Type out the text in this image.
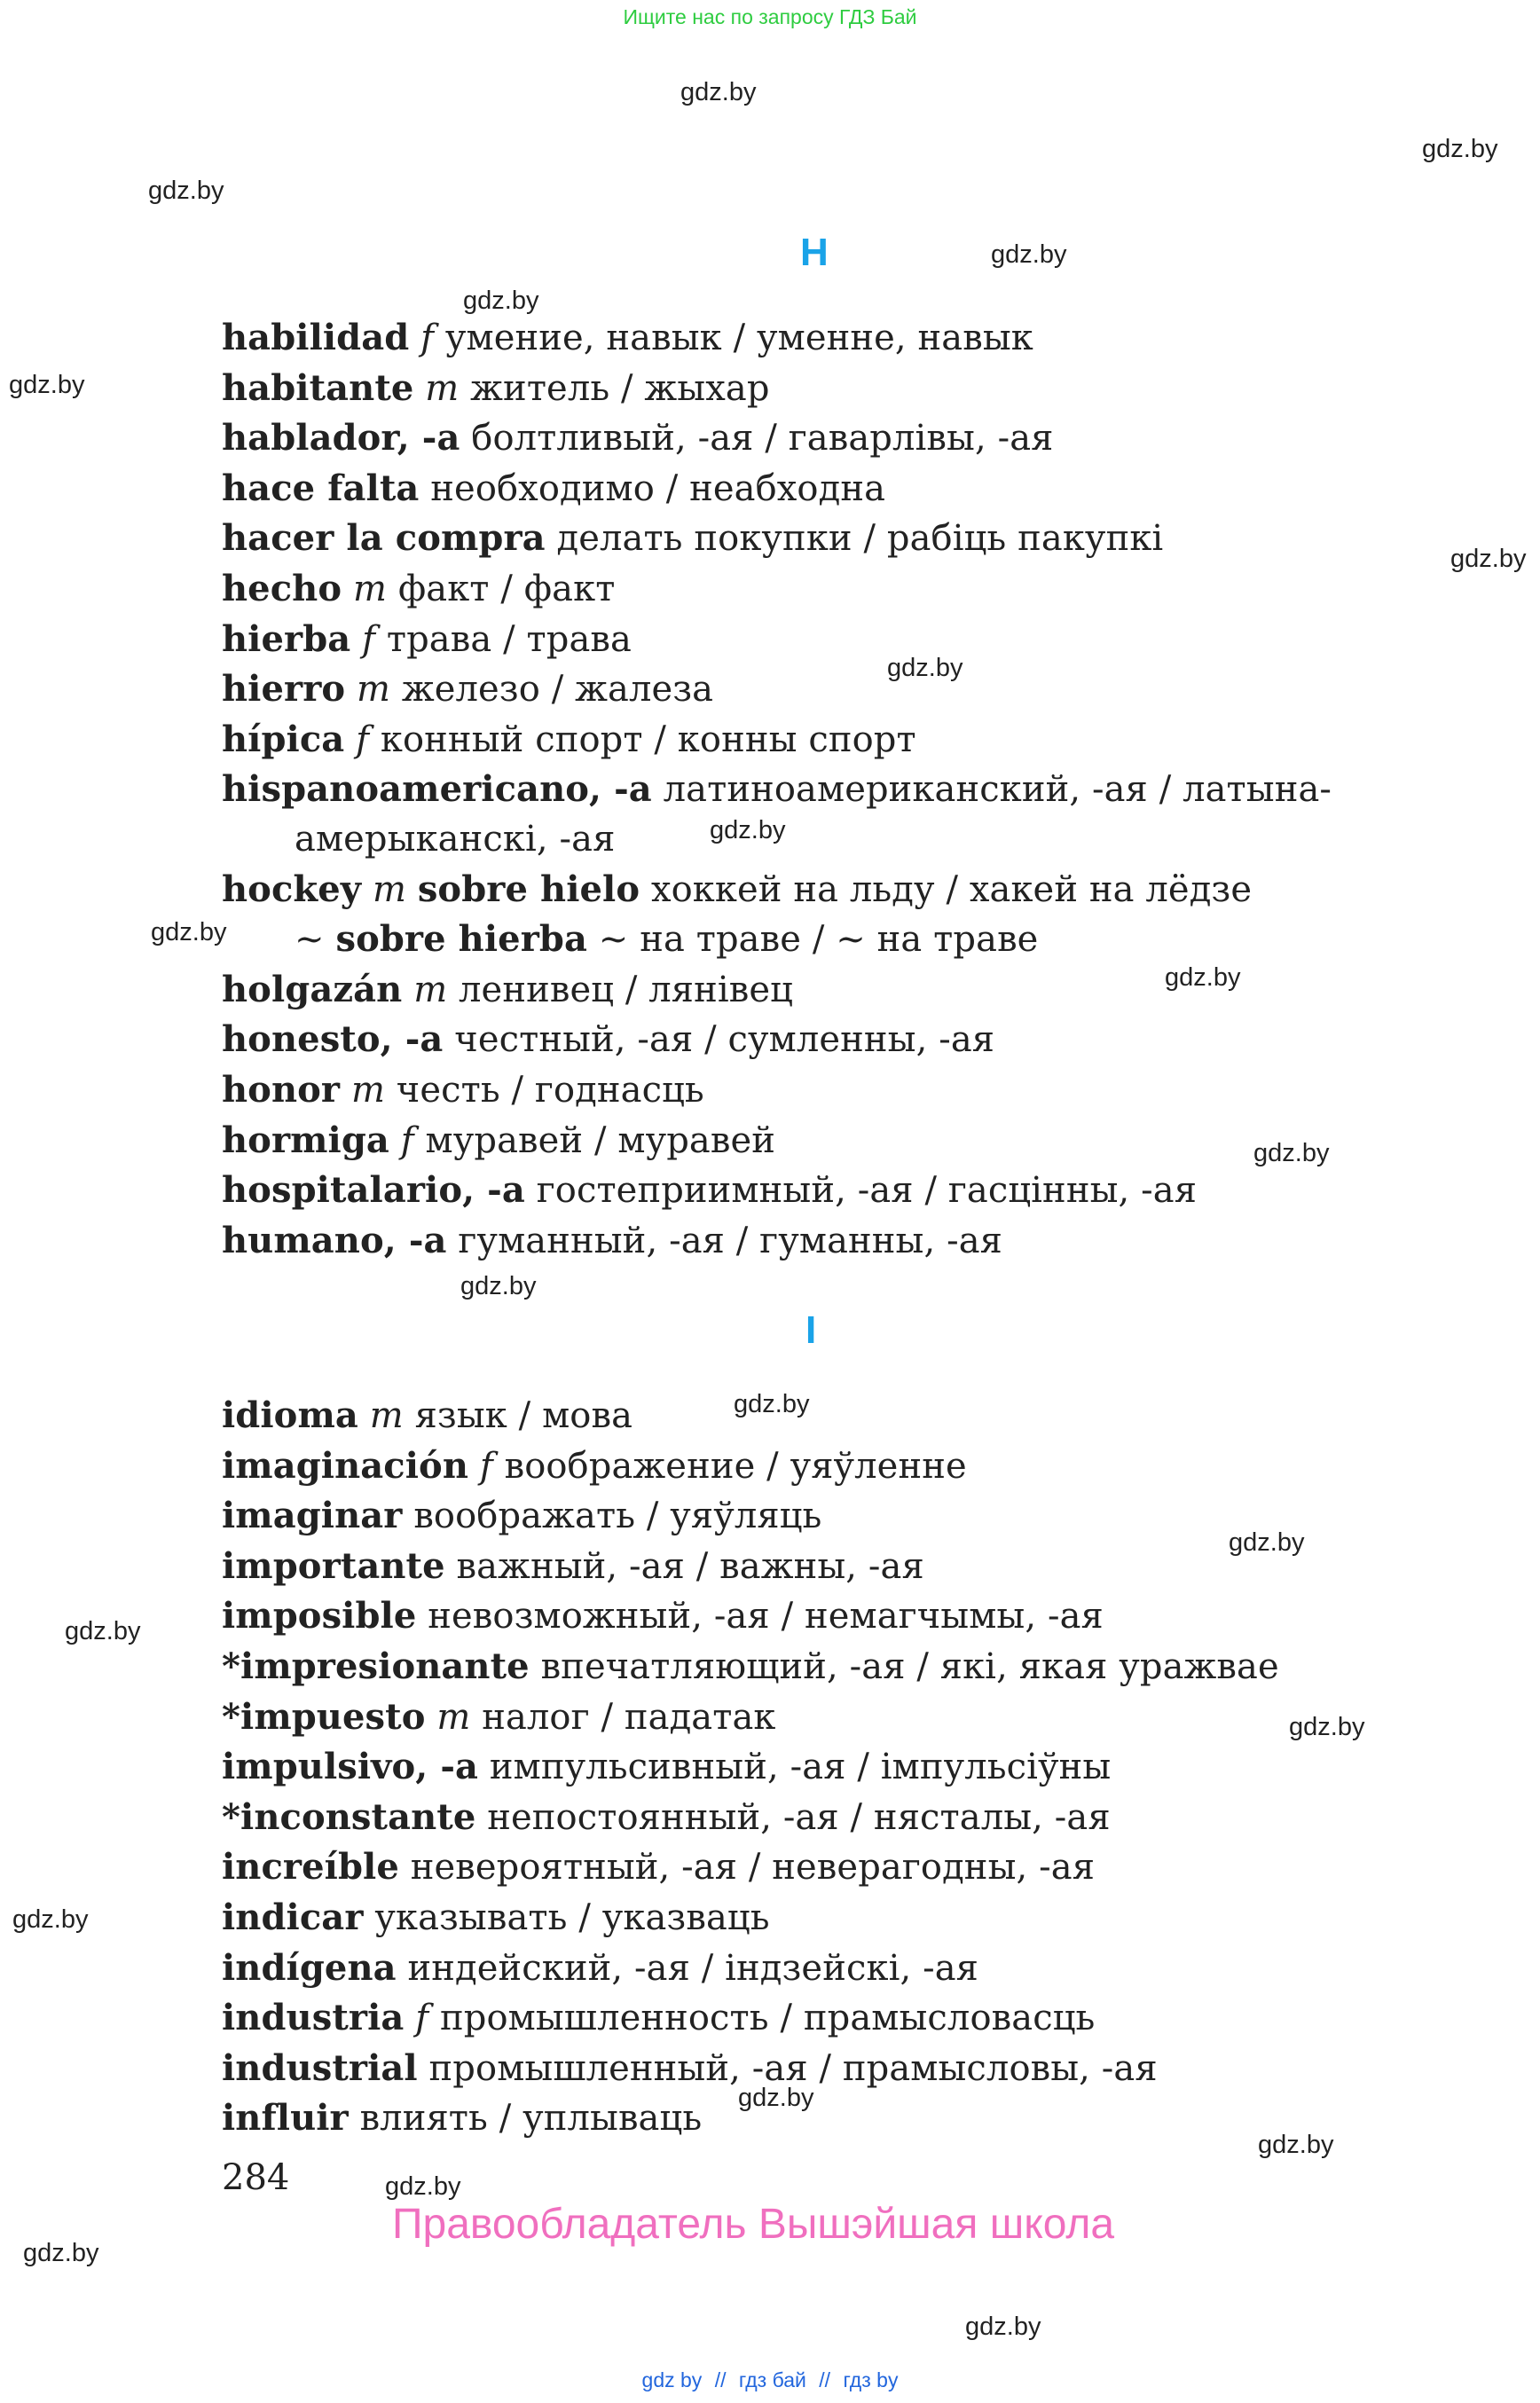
Ищите нас по запросу ГДЗ Бай
gdz.by
gdz.by
gdz.by
gdz.by
gdz.by
gdz.by
gdz.by
gdz.by
gdz.by
gdz.by
gdz.by
gdz.by
gdz.by
gdz.by
gdz.by
gdz.by
gdz.by
gdz.by
gdz.by
gdz.by
gdz.by
gdz.by
gdz.by
H
habilidad f умение, навык / уменне, навык
habitante m житель / жыхар
hablador, -a болтливый, -ая / гаварлівы, -ая
hace falta необходимо / неабходна
hacer la compra делать покупки / рабіць пакупкі
hecho m факт / факт
hierba f трава / трава
hierro m железо / жалеза
hípica f конный спорт / конны спорт
hispanoamericano, -a латиноамериканский, -ая / латына-
амерыканскі, -ая
hockey m sobre hielo хоккей на льду / хакей на лёдзе
~ sobre hierba ~ на траве / ~ на траве
holgazán m ленивец / лянівец
honesto, -a честный, -ая / сумленны, -ая
honor m честь / годнасць
hormiga f муравей / муравей
hospitalario, -a гостеприимный, -ая / гасцінны, -ая
humano, -a гуманный, -ая / гуманны, -ая
I
idioma m язык / мова
imaginación f воображение / уяўленне
imaginar воображать / уяўляць
importante важный, -ая / важны, -ая
imposible невозможный, -ая / немагчымы, -ая
*impresionante впечатляющий, -ая / які, якая уражвае
*impuesto m налог / падатак
impulsivo, -a импульсивный, -ая / імпульсіўны
*inconstante непостоянный, -ая / нясталы, -ая
increíble невероятный, -ая / неверагодны, -ая
indicar указывать / указваць
indígena индейский, -ая / індзейскі, -ая
industria f промышленность / прамысловасць
industrial промышленный, -ая / прамысловы, -ая
influir влиять / уплываць
284
Правообладатель Вышэйшая школа
gdz by // гдз бай // гдз by
